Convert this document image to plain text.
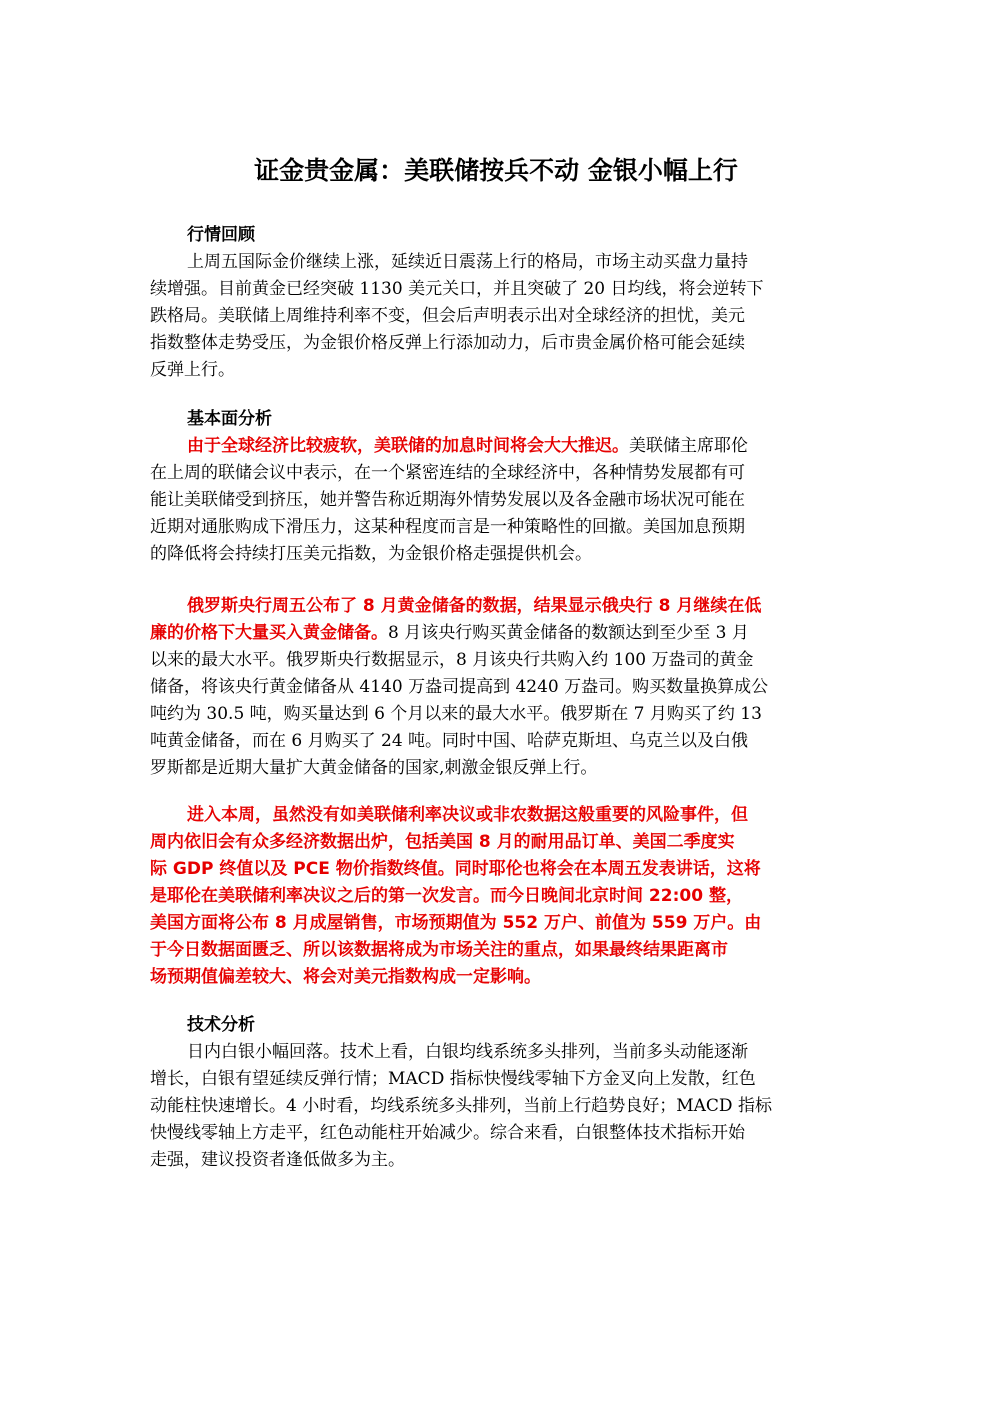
证金贵金属：美联储按兵不动 金银小幅上行
行情回顾
上周五国际金价继续上涨，延续近日震荡上行的格局，市场主动买盘力量持
续增强。目前黄金已经突破 1130 美元关口，并且突破了 20 日均线，将会逆转下
跌格局。美联储上周维持利率不变，但会后声明表示出对全球经济的担忧，美元
指数整体走势受压，为金银价格反弹上行添加动力，后市贵金属价格可能会延续
反弹上行。
基本面分析
由于全球经济比较疲软，美联储的加息时间将会大大推迟。美联储主席耶伦
在上周的联储会议中表示，在一个紧密连结的全球经济中，各种情势发展都有可
能让美联储受到挤压，她并警告称近期海外情势发展以及各金融市场状况可能在
近期对通胀购成下滑压力，这某种程度而言是一种策略性的回撤。美国加息预期
的降低将会持续打压美元指数，为金银价格走强提供机会。
俄罗斯央行周五公布了 8 月黄金储备的数据，结果显示俄央行 8 月继续在低
廉的价格下大量买入黄金储备。8 月该央行购买黄金储备的数额达到至少至 3 月
以来的最大水平。俄罗斯央行数据显示，8 月该央行共购入约 100 万盎司的黄金
储备，将该央行黄金储备从 4140 万盎司提高到 4240 万盎司。购买数量换算成公
吨约为 30.5 吨，购买量达到 6 个月以来的最大水平。俄罗斯在 7 月购买了约 13
吨黄金储备，而在 6 月购买了 24 吨。同时中国、哈萨克斯坦、乌克兰以及白俄
罗斯都是近期大量扩大黄金储备的国家,刺激金银反弹上行。
进入本周，虽然没有如美联储利率决议或非农数据这般重要的风险事件，但
周内依旧会有众多经济数据出炉，包括美国 8 月的耐用品订单、美国二季度实
际 GDP 终值以及 PCE 物价指数终值。同时耶伦也将会在本周五发表讲话，这将
是耶伦在美联储利率决议之后的第一次发言。而今日晚间北京时间 22:00 整，
美国方面将公布 8 月成屋销售，市场预期值为 552 万户、前值为 559 万户。由
于今日数据面匮乏、所以该数据将成为市场关注的重点，如果最终结果距离市
场预期值偏差较大、将会对美元指数构成一定影响。
技术分析
日内白银小幅回落。技术上看，白银均线系统多头排列，当前多头动能逐渐
增长，白银有望延续反弹行情；MACD 指标快慢线零轴下方金叉向上发散，红色
动能柱快速增长。4 小时看，均线系统多头排列，当前上行趋势良好；MACD 指标
快慢线零轴上方走平，红色动能柱开始减少。综合来看，白银整体技术指标开始
走强，建议投资者逢低做多为主。
